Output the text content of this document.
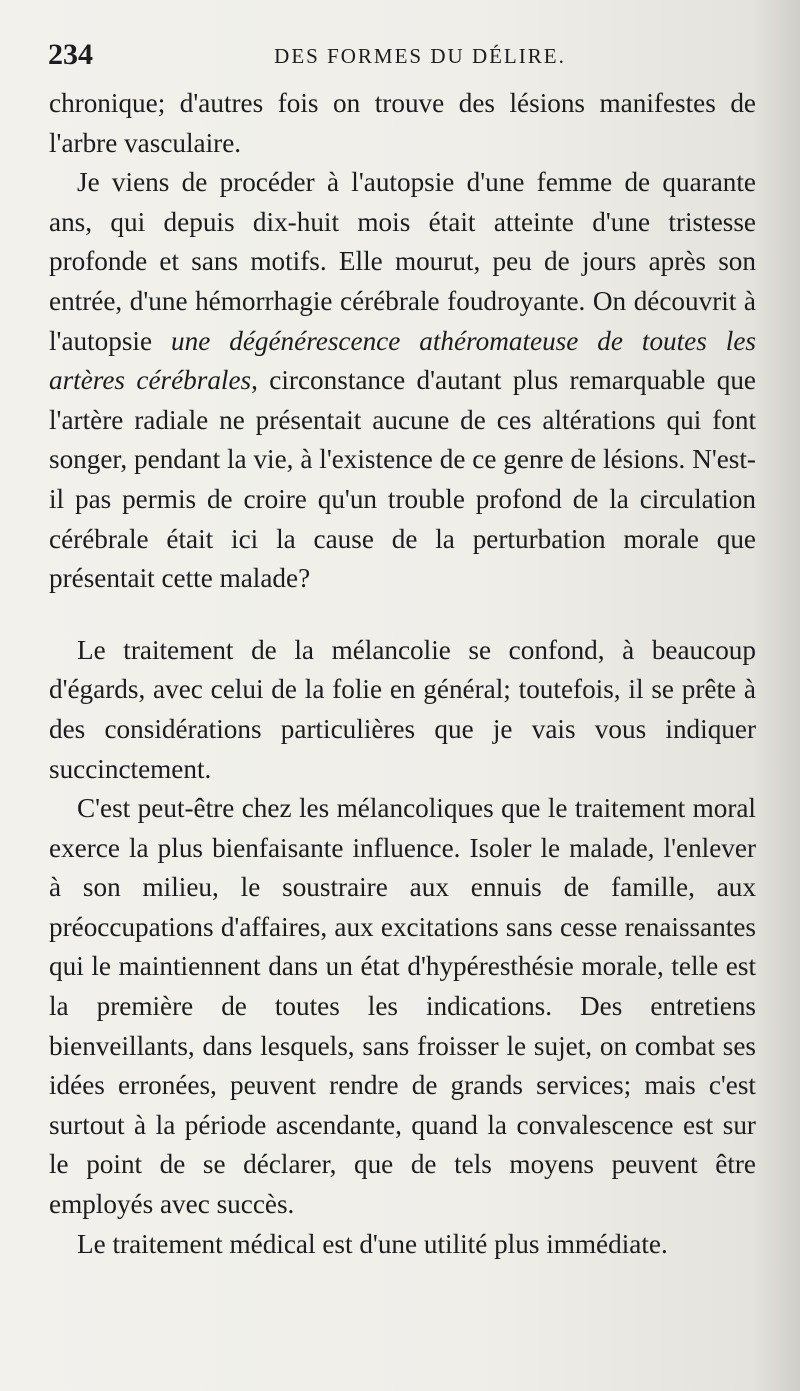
234	DES FORMES DU DÉLIRE.

chronique; d'autres fois on trouve des lésions manifestes de l'arbre vasculaire.

Je viens de procéder à l'autopsie d'une femme de quarante ans, qui depuis dix-huit mois était atteinte d'une tristesse profonde et sans motifs. Elle mourut, peu de jours après son entrée, d'une hémorrhagie cérébrale foudroyante. On découvrit à l'autopsie une dégénérescence athéromateuse de toutes les artères cérébrales, circonstance d'autant plus remarquable que l'artère radiale ne présentait aucune de ces altérations qui font songer, pendant la vie, à l'existence de ce genre de lésions. N'est-il pas permis de croire qu'un trouble profond de la circulation cérébrale était ici la cause de la perturbation morale que présentait cette malade?

Le traitement de la mélancolie se confond, à beaucoup d'égards, avec celui de la folie en général; toutefois, il se prête à des considérations particulières que je vais vous indiquer succinctement.

C'est peut-être chez les mélancoliques que le traitement moral exerce la plus bienfaisante influence. Isoler le malade, l'enlever à son milieu, le soustraire aux ennuis de famille, aux préoccupations d'affaires, aux excitations sans cesse renaissantes qui le maintiennent dans un état d'hypéresthésie morale, telle est la première de toutes les indications. Des entretiens bienveillants, dans lesquels, sans froisser le sujet, on combat ses idées erronées, peuvent rendre de grands services; mais c'est surtout à la période ascendante, quand la convalescence est sur le point de se déclarer, que de tels moyens peuvent être employés avec succès.

Le traitement médical est d'une utilité plus immédiate.
